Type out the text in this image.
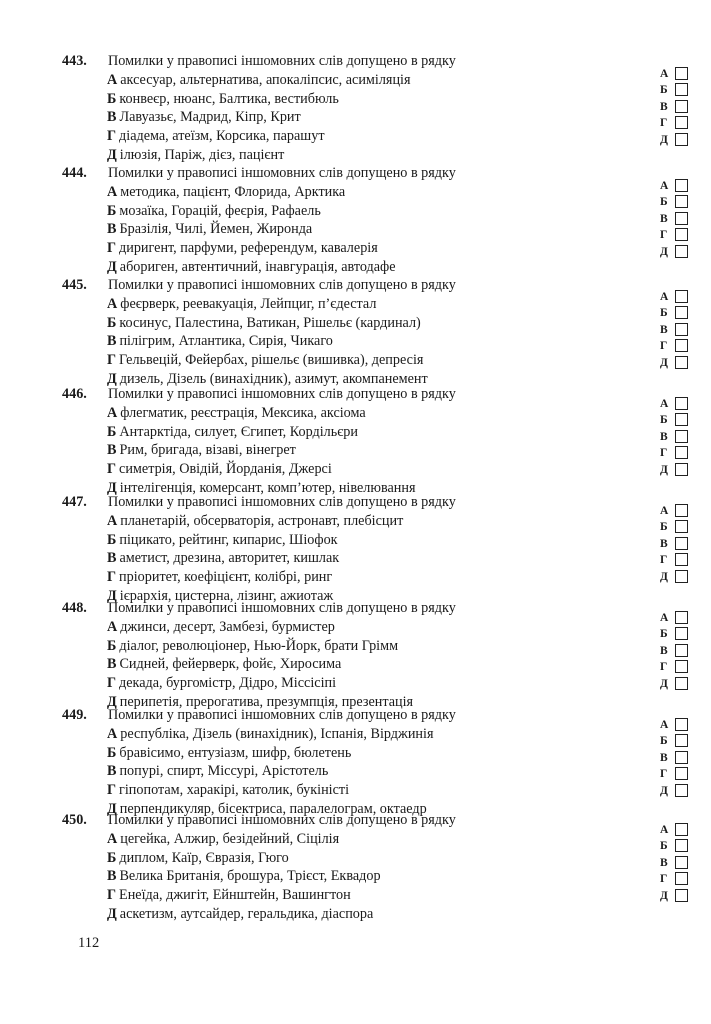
443. Помилки у правописі іншомовних слів допущено в рядку
А аксесуар, альтернатива, апокаліпсис, асиміляція
Б конвеєр, нюанс, Балтика, вестибюль
В Лавуазьє, Мадрид, Кіпр, Крит
Г діадема, атеїзм, Корсика, парашут
Д ілюзія, Паріж, дієз, пацієнт
А
Б
В
Г
Д
444. Помилки у правописі іншомовних слів допущено в рядку
А методика, пацієнт, Флорида, Арктика
Б мозаїка, Горацій, феєрія, Рафаель
В Бразілія, Чилі, Йемен, Жиронда
Г диригент, парфуми, референдум, кавалерія
Д абориген, автентичний, інавгурація, автодафе
А
Б
В
Г
Д
445. Помилки у правописі іншомовних слів допущено в рядку
А феєрверк, реевакуація, Лейпциг, п’єдестал
Б косинус, Палестина, Ватикан, Рішельє (кардинал)
В пілігрим, Атлантика, Сирія, Чикаго
Г Гельвецій, Фейербах, рішельє (вишивка), депресія
Д дизель, Дізель (винахідник), азимут, акомпанемент
А
Б
В
Г
Д
446. Помилки у правописі іншомовних слів допущено в рядку
А флегматик, реєстрація, Мексика, аксіома
Б Антарктіда, силует, Єгипет, Кордільєри
В Рим, бригада, візаві, вінегрет
Г симетрія, Овідій, Йорданія, Джерсі
Д інтелігенція, комерсант, комп’ютер, нівелювання
А
Б
В
Г
Д
447. Помилки у правописі іншомовних слів допущено в рядку
А планетарій, обсерваторія, астронавт, плебісцит
Б піцикато, рейтинг, кипарис, Шіофок
В аметист, дрезина, авторитет, кишлак
Г пріоритет, коефіцієнт, колібрі, ринг
Д ієрархія, цистерна, лізинг, ажиотаж
А
Б
В
Г
Д
448. Помилки у правописі іншомовних слів допущено в рядку
А джинси, десерт, Замбезі, бурмистер
Б діалог, революціонер, Нью-Йорк, брати Грімм
В Сидней, фейерверк, фойє, Хиросима
Г декада, бургомістр, Дідро, Міссісіпі
Д перипетія, прерогатива, презумпція, презентація
А
Б
В
Г
Д
449. Помилки у правописі іншомовних слів допущено в рядку
А республіка, Дізель (винахідник), Іспанія, Вірджинія
Б бравісимо, ентузіазм, шифр, бюлетень
В попурі, спирт, Міссурі, Арістотель
Г гіпопотам, харакірі, католик, букіністі
Д перпендикуляр, бісектриса, паралелограм, октаедр
А
Б
В
Г
Д
450. Помилки у правописі іншомовних слів допущено в рядку
А цегейка, Алжир, безідейний, Сіцілія
Б диплом, Каїр, Євразія, Гюго
В Велика Британія, брошура, Трієст, Еквадор
Г Енеїда, джигіт, Ейнштейн, Вашингтон
Д аскетизм, аутсайдер, геральдика, діаспора
А
Б
В
Г
Д
112
